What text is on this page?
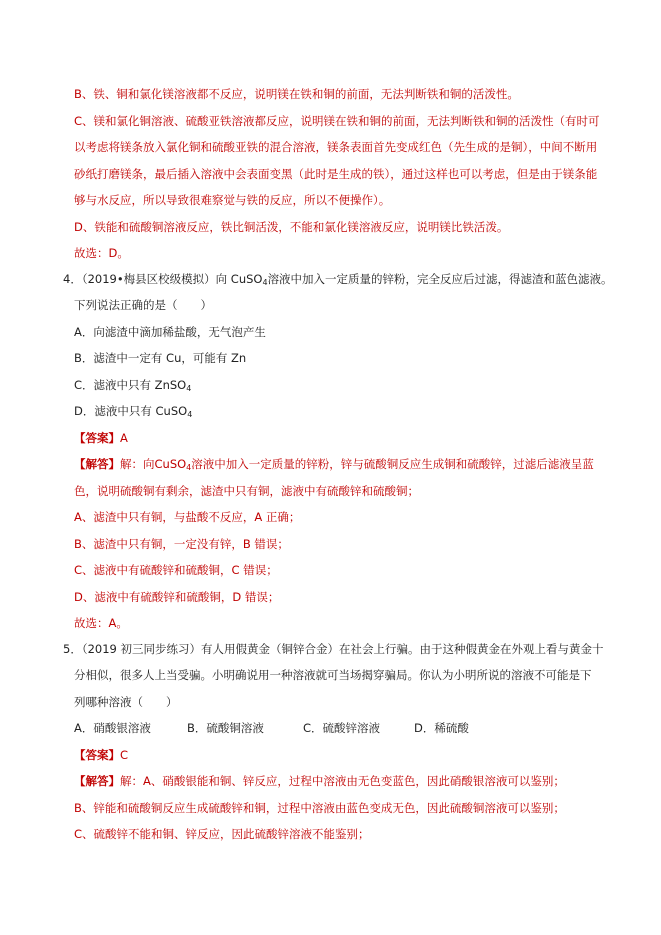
B、铁、铜和氯化镁溶液都不反应，说明镁在铁和铜的前面，无法判断铁和铜的活泼性。
C、镁和氯化铜溶液、硫酸亚铁溶液都反应，说明镁在铁和铜的前面，无法判断铁和铜的活泼性（有时可
以考虑将镁条放入氯化铜和硫酸亚铁的混合溶液，镁条表面首先变成红色（先生成的是铜），中间不断用
砂纸打磨镁条，最后插入溶液中会表面变黑（此时是生成的铁），通过这样也可以考虑，但是由于镁条能
够与水反应，所以导致很难察觉与铁的反应，所以不便操作）。
D、铁能和硫酸铜溶液反应，铁比铜活泼，不能和氯化镁溶液反应，说明镁比铁活泼。
故选：D。
4．（2019•梅县区校级模拟）向 CuSO$_4$溶液中加入一定质量的锌粉，完全反应后过滤，得滤渣和蓝色滤液。
下列说法正确的是（　　）
A．向滤渣中滴加稀盐酸，无气泡产生
B．滤渣中一定有 Cu，可能有 Zn
C．滤液中只有 ZnSO$_4$
D．滤液中只有 CuSO$_4$
【答案】A
【解答】解：向CuSO$_4$溶液中加入一定质量的锌粉，锌与硫酸铜反应生成铜和硫酸锌，过滤后滤液呈蓝
色，说明硫酸铜有剩余，滤渣中只有铜，滤液中有硫酸锌和硫酸铜；
A、滤渣中只有铜，与盐酸不反应，A 正确；
B、滤渣中只有铜，一定没有锌，B 错误；
C、滤液中有硫酸锌和硫酸铜，C 错误；
D、滤液中有硫酸锌和硫酸铜，D 错误；
故选：A。
5．（2019 初三同步练习）有人用假黄金（铜锌合金）在社会上行骗。由于这种假黄金在外观上看与黄金十
分相似，很多人上当受骗。小明确说用一种溶液就可当场揭穿骗局。你认为小明所说的溶液不可能是下
列哪种溶液（　　）
A．硝酸银溶液	B．硫酸铜溶液	C．硫酸锌溶液	D．稀硫酸
【答案】C
【解答】解：A、硝酸银能和铜、锌反应，过程中溶液由无色变蓝色，因此硝酸银溶液可以鉴别；
B、锌能和硫酸铜反应生成硫酸锌和铜，过程中溶液由蓝色变成无色，因此硫酸铜溶液可以鉴别；
C、硫酸锌不能和铜、锌反应，因此硫酸锌溶液不能鉴别；
